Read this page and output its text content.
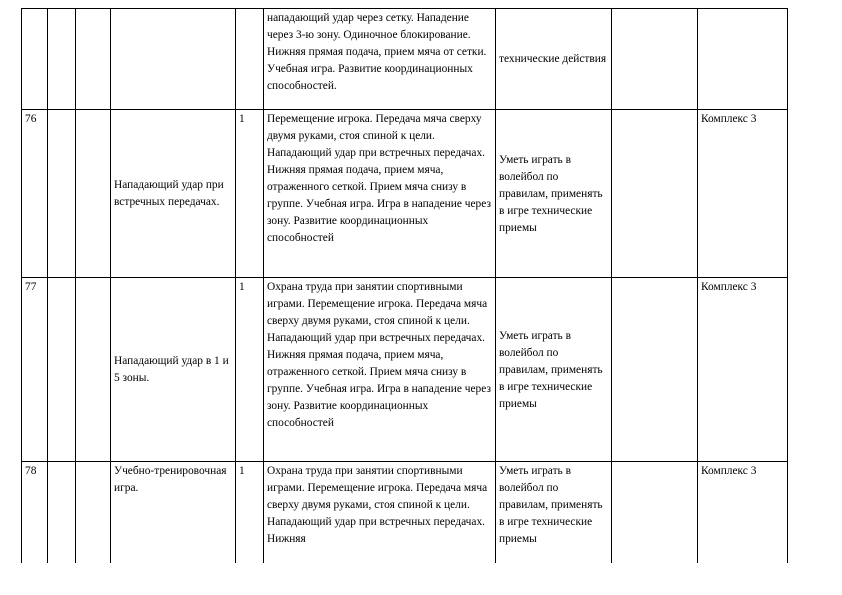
					нападающий удар через сетку. Нападение через 3-ю зону. Одиночное блокирование. Нижняя прямая подача, прием мяча от сетки. Учебная игра. Развитие координационных способностей.	технические действия		
76			Нападающий удар при встречных передачах.	1	Перемещение игрока. Передача мяча сверху двумя руками, стоя спиной к цели. Нападающий удар при встречных передачах. Нижняя прямая подача, прием мяча, отраженного сеткой. Прием мяча снизу в группе. Учебная игра. Игра в нападение через зону. Развитие координационных способностей	Уметь играть в волейбол по правилам, применять в игре технические приемы		Комплекс 3
77			Нападающий удар в 1 и 5 зоны.	1	Охрана труда при занятии спортивными играми. Перемещение игрока. Передача мяча сверху двумя руками, стоя спиной к цели. Нападающий удар при встречных передачах. Нижняя прямая подача, прием мяча, отраженного сеткой. Прием мяча снизу в группе. Учебная игра. Игра в нападение через зону. Развитие координационных способностей	Уметь играть в волейбол по правилам, применять в игре технические приемы		Комплекс 3
78			Учебно-тренировочная игра.	1	Охрана труда при занятии спортивными играми. Перемещение игрока. Передача мяча сверху двумя руками, стоя спиной к цели. Нападающий удар при встречных передачах. Нижняя	Уметь играть в волейбол по правилам, применять в игре технические приемы		Комплекс 3
